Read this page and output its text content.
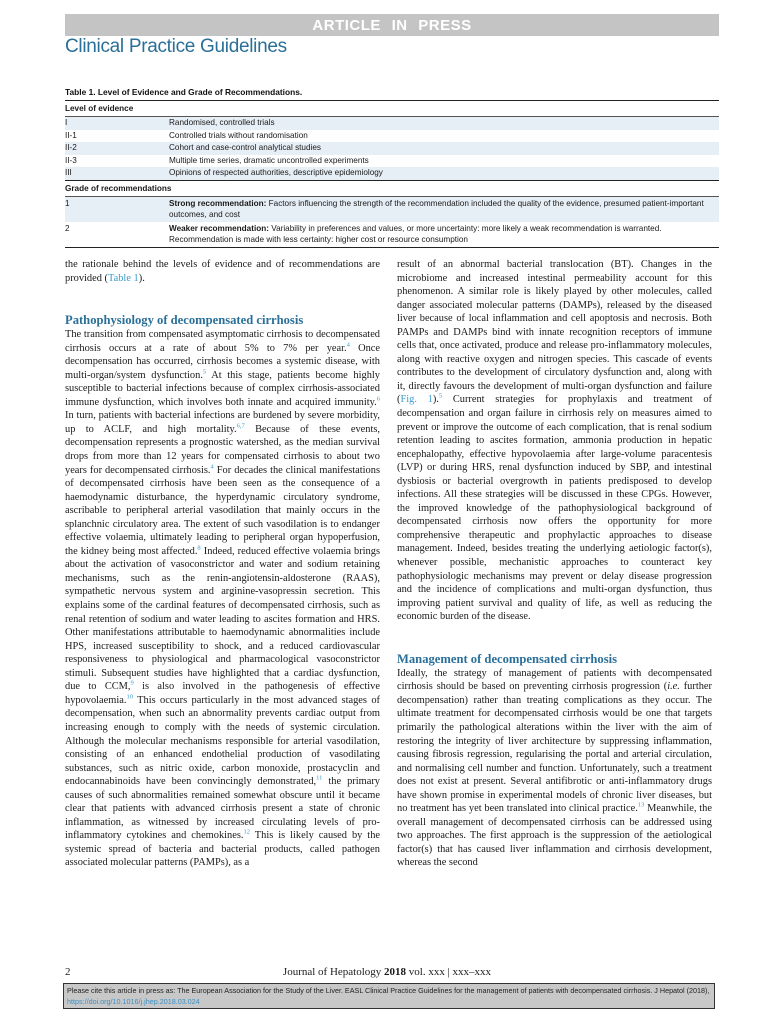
ARTICLE IN PRESS
Clinical Practice Guidelines
Table 1. Level of Evidence and Grade of Recommendations.
Level of evidence
I	Randomised, controlled trials
II-1	Controlled trials without randomisation
II-2	Cohort and case-control analytical studies
II-3	Multiple time series, dramatic uncontrolled experiments
III	Opinions of respected authorities, descriptive epidemiology
Grade of recommendations
1	Strong recommendation: Factors influencing the strength of the recommendation included the quality of the evidence, presumed patient-important outcomes, and cost
2	Weaker recommendation: Variability in preferences and values, or more uncertainty: more likely a weak recommendation is warranted. Recommendation is made with less certainty: higher cost or resource consumption

the rationale behind the levels of evidence and of recommendations are provided (Table 1).

Pathophysiology of decompensated cirrhosis

The transition from compensated asymptomatic cirrhosis to decompensated cirrhosis occurs at a rate of about 5% to 7% per year.$^4$ Once decompensation has occurred, cirrhosis becomes a systemic disease, with multi-organ/system dysfunction.$^5$ At this stage, patients become highly susceptible to bacterial infections because of complex cirrhosis-associated immune dysfunction, which involves both innate and acquired immunity.$^6$ In turn, patients with bacterial infections are burdened by severe morbidity, up to ACLF, and high mortality.$^{6,7}$ Because of these events, decompensation represents a prognostic watershed, as the median survival drops from more than 12 years for compensated cirrhosis to about two years for decompensated cirrhosis.$^4$ For decades the clinical manifestations of decompensated cirrhosis have been seen as the consequence of a haemodynamic disturbance, the hyperdynamic circulatory syndrome, ascribable to peripheral arterial vasodilation that mainly occurs in the splanchnic circulatory area. The extent of such vasodilation is to endanger effective volaemia, ultimately leading to peripheral organ hypoperfusion, the kidney being most affected.$^8$ Indeed, reduced effective volaemia brings about the activation of vasoconstrictor and water and sodium retaining mechanisms, such as the renin-angiotensin-aldosterone (RAAS), sympathetic nervous system and arginine-vasopressin secretion. This explains some of the cardinal features of decompensated cirrhosis, such as renal retention of sodium and water leading to ascites formation and HRS. Other manifestations attributable to haemodynamic abnormalities include HPS, increased susceptibility to shock, and a reduced cardiovascular responsiveness to physiological and pharmacological vasoconstrictor stimuli. Subsequent studies have highlighted that a cardiac dysfunction, due to CCM,$^9$ is also involved in the pathogenesis of effective hypovolaemia.$^{10}$ This occurs particularly in the most advanced stages of decompensation, when such an abnormality prevents cardiac output from increasing enough to comply with the needs of systemic circulation. Although the molecular mechanisms responsible for arterial vasodilation, consisting of an enhanced endothelial production of vasodilating substances, such as nitric oxide, carbon monoxide, prostacyclin and endocannabinoids have been convincingly demonstrated,$^{11}$ the primary causes of such abnormalities remained somewhat obscure until it became clear that patients with advanced cirrhosis present a state of chronic inflammation, as witnessed by increased circulating levels of pro-inflammatory cytokines and chemokines.$^{12}$ This is likely caused by the systemic spread of bacteria and bacterial products, called pathogen associated molecular patterns (PAMPs), as a

result of an abnormal bacterial translocation (BT). Changes in the microbiome and increased intestinal permeability account for this phenomenon. A similar role is likely played by other molecules, called danger associated molecular patterns (DAMPs), released by the diseased liver because of local inflammation and cell apoptosis and necrosis. Both PAMPs and DAMPs bind with innate recognition receptors of immune cells that, once activated, produce and release pro-inflammatory molecules, along with reactive oxygen and nitrogen species. This cascade of events contributes to the development of circulatory dysfunction and, along with it, directly favours the development of multi-organ dysfunction and failure (Fig. 1).$^5$ Current strategies for prophylaxis and treatment of decompensation and organ failure in cirrhosis rely on measures aimed to prevent or improve the outcome of each complication, that is renal sodium retention leading to ascites formation, ammonia production in hepatic encephalopathy, effective hypovolaemia after large-volume paracentesis (LVP) or during HRS, renal dysfunction induced by SBP, and intestinal dysbiosis or bacterial overgrowth in patients predisposed to develop infections. All these strategies will be discussed in these CPGs. However, the improved knowledge of the pathophysiological background of decompensated cirrhosis now offers the opportunity for more comprehensive therapeutic and prophylactic approaches to disease management. Indeed, besides treating the underlying aetiologic factor(s), whenever possible, mechanistic approaches to counteract key pathophysiologic mechanisms may prevent or delay disease progression and the incidence of complications and multi-organ dysfunction, thus improving patient survival and quality of life, as well as reducing the economic burden of the disease.

Management of decompensated cirrhosis

Ideally, the strategy of management of patients with decompensated cirrhosis should be based on preventing cirrhosis progression (i.e. further decompensation) rather than treating complications as they occur. The ultimate treatment for decompensated cirrhosis would be one that targets primarily the pathological alterations within the liver with the aim of restoring the integrity of liver architecture by suppressing inflammation, causing fibrosis regression, regularising the portal and arterial circulation, and normalising cell number and function. Unfortunately, such a treatment does not exist at present. Several antifibrotic or anti-inflammatory drugs have shown promise in experimental models of chronic liver diseases, but no treatment has yet been translated into clinical practice.$^{13}$ Meanwhile, the overall management of decompensated cirrhosis can be addressed using two approaches. The first approach is the suppression of the aetiological factor(s) that has caused liver inflammation and cirrhosis development, whereas the second

2	Journal of Hepatology 2018 vol. xxx | xxx–xxx
Please cite this article in press as: The European Association for the Study of the Liver. EASL Clinical Practice Guidelines for the management of patients with decompensated cirrhosis. J Hepatol (2018), https://doi.org/10.1016/j.jhep.2018.03.024
